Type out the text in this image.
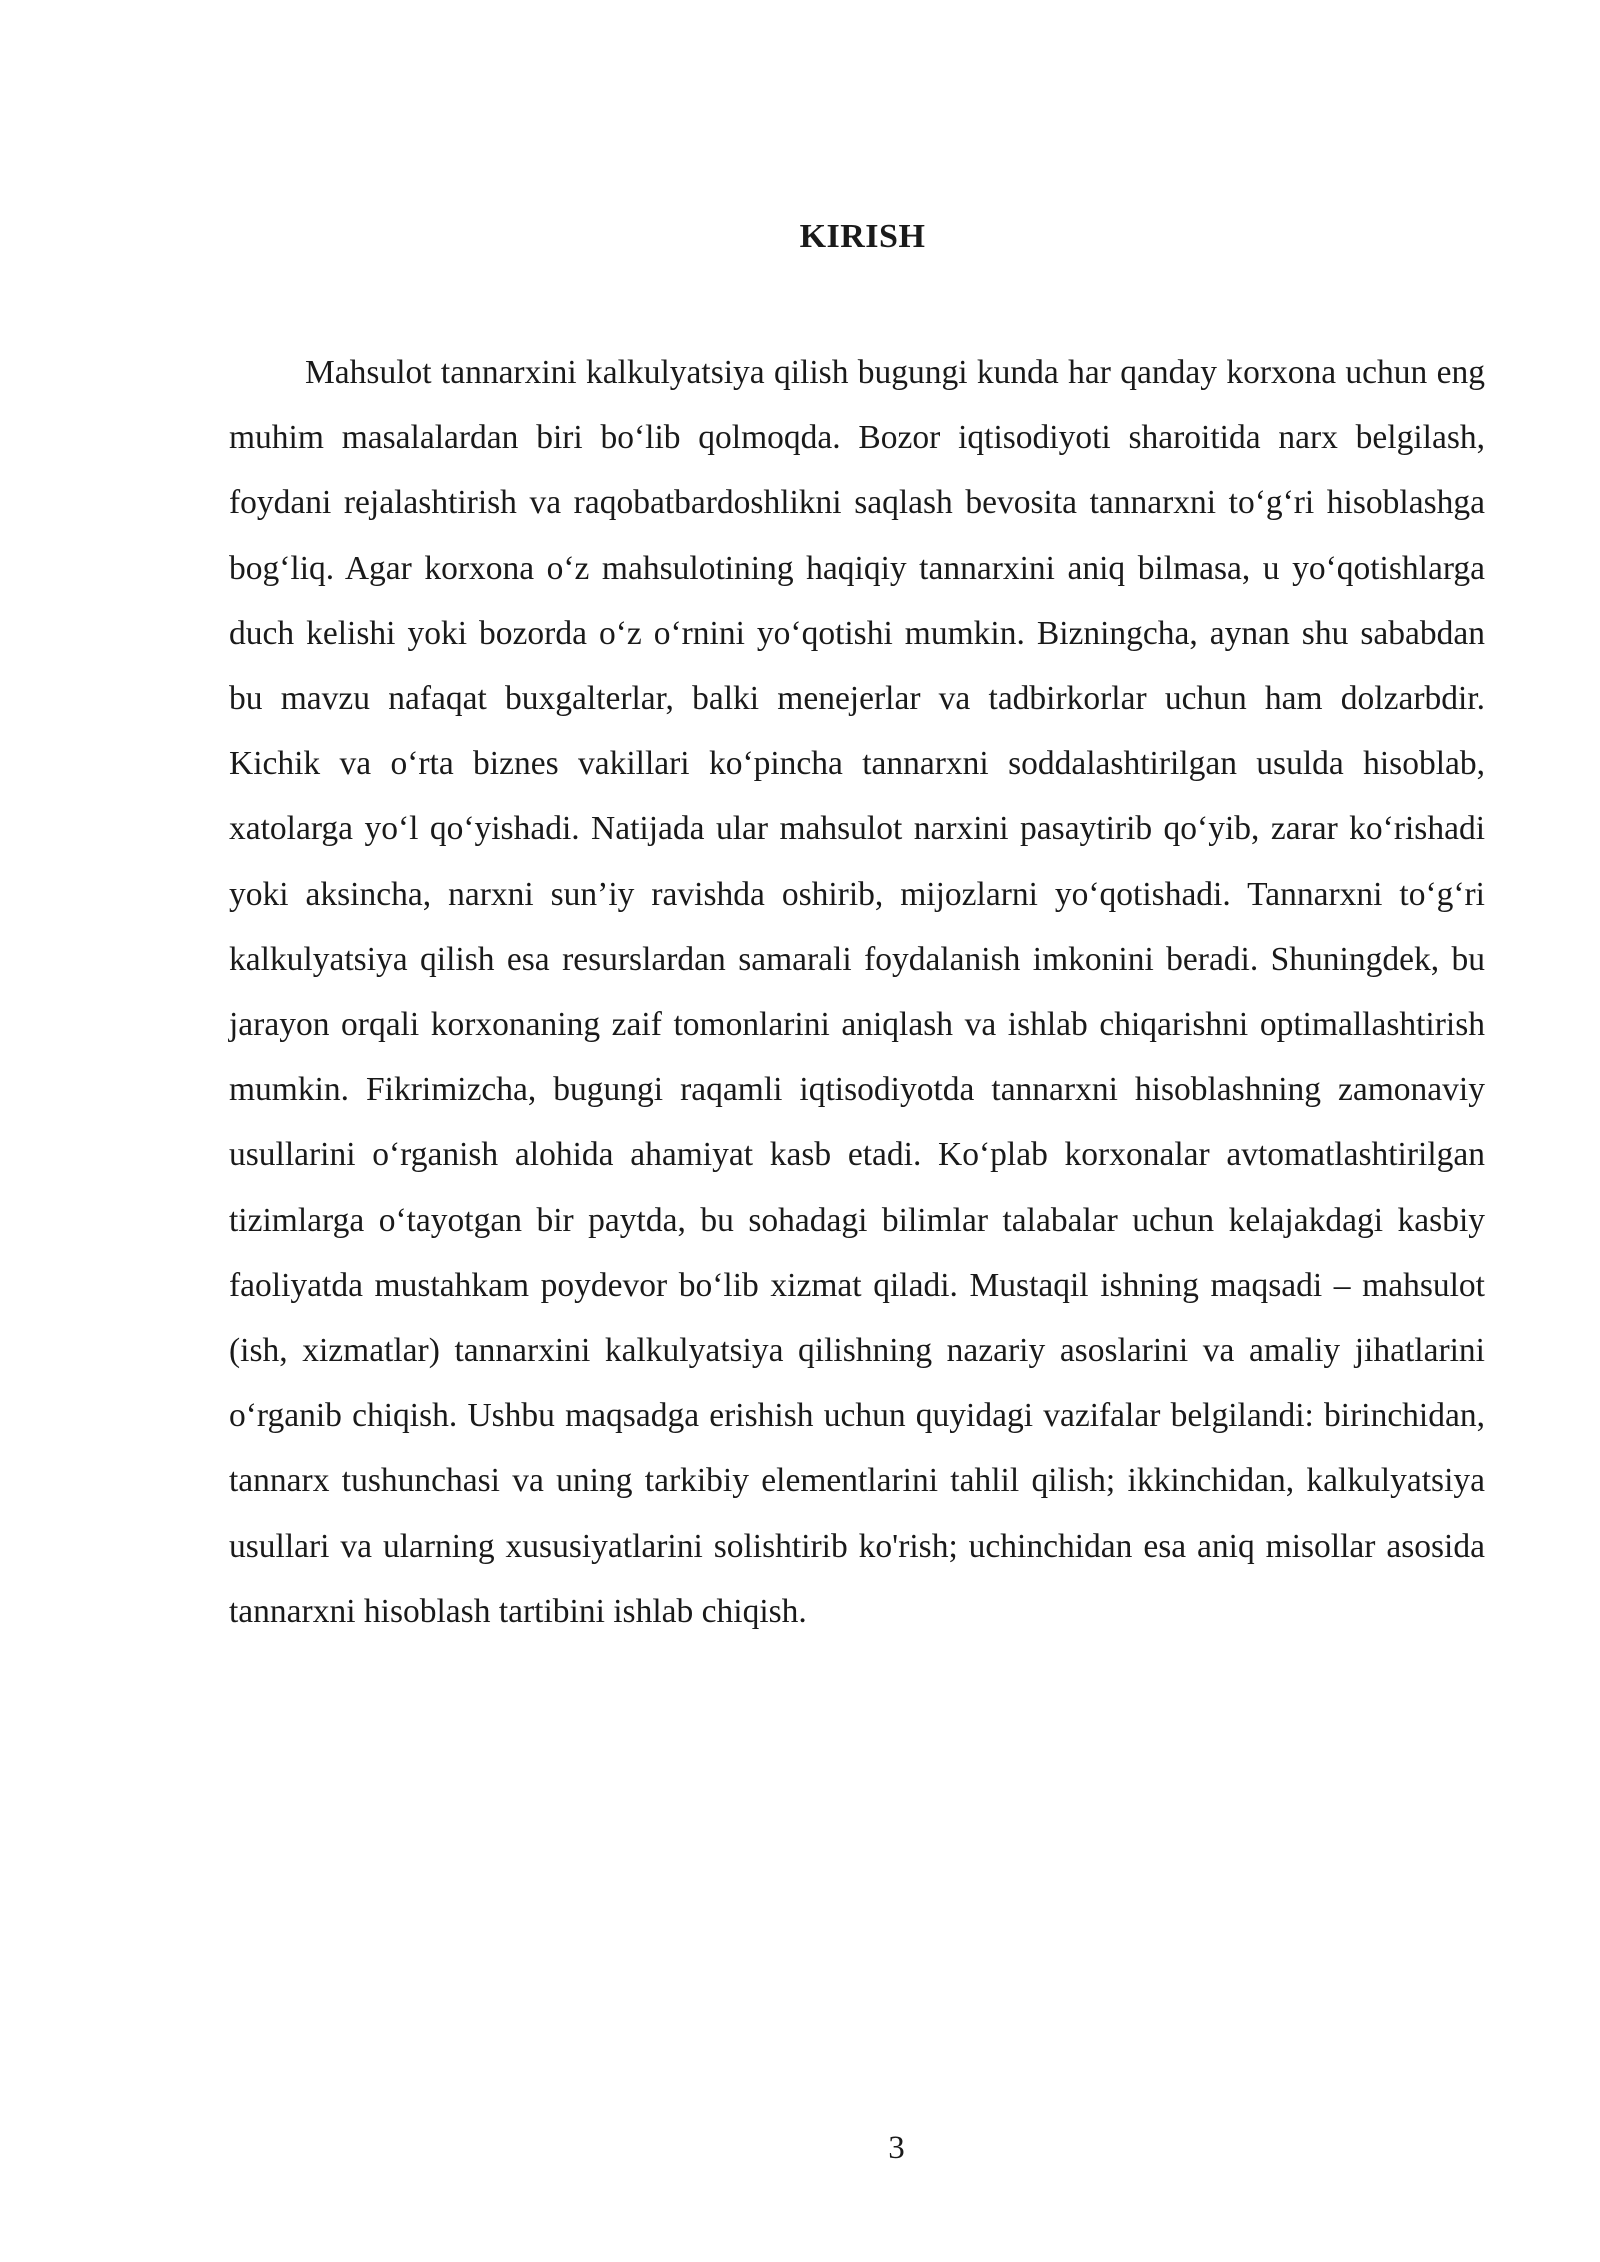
KIRISH

Mahsulot tannarxini kalkulyatsiya qilish bugungi kunda har qanday korxona uchun eng muhim masalalardan biri bo‘lib qolmoqda. Bozor iqtisodiyoti sharoitida narx belgilash, foydani rejalashtirish va raqobatbardoshlikni saqlash bevosita tannarxni to‘g‘ri hisoblashga bog‘liq. Agar korxona o‘z mahsulotining haqiqiy tannarxini aniq bilmasa, u yo‘qotishlarga duch kelishi yoki bozorda o‘z o‘rnini yo‘qotishi mumkin. Bizningcha, aynan shu sababdan bu mavzu nafaqat buxgalterlar, balki menejerlar va tadbirkorlar uchun ham dolzarbdir. Kichik va o‘rta biznes vakillari ko‘pincha tannarxni soddalashtirilgan usulda hisoblab, xatolarga yo‘l qo‘yishadi. Natijada ular mahsulot narxini pasaytirib qo‘yib, zarar ko‘rishadi yoki aksincha, narxni sun’iy ravishda oshirib, mijozlarni yo‘qotishadi. Tannarxni to‘g‘ri kalkulyatsiya qilish esa resurslardan samarali foydalanish imkonini beradi. Shuningdek, bu jarayon orqali korxonaning zaif tomonlarini aniqlash va ishlab chiqarishni optimallashtirish mumkin. Fikrimizcha, bugungi raqamli iqtisodiyotda tannarxni hisoblashning zamonaviy usullarini o‘rganish alohida ahamiyat kasb etadi. Ko‘plab korxonalar avtomatlashtirilgan tizimlarga o‘tayotgan bir paytda, bu sohadagi bilimlar talabalar uchun kelajakdagi kasbiy faoliyatda mustahkam poydevor bo‘lib xizmat qiladi. Mustaqil ishning maqsadi – mahsulot (ish, xizmatlar) tannarxini kalkulyatsiya qilishning nazariy asoslarini va amaliy jihatlarini o‘rganib chiqish. Ushbu maqsadga erishish uchun quyidagi vazifalar belgilandi: birinchidan, tannarx tushunchasi va uning tarkibiy elementlarini tahlil qilish; ikkinchidan, kalkulyatsiya usullari va ularning xususiyatlarini solishtirib ko'rish; uchinchidan esa aniq misollar asosida tannarxni hisoblash tartibini ishlab chiqish.

3
